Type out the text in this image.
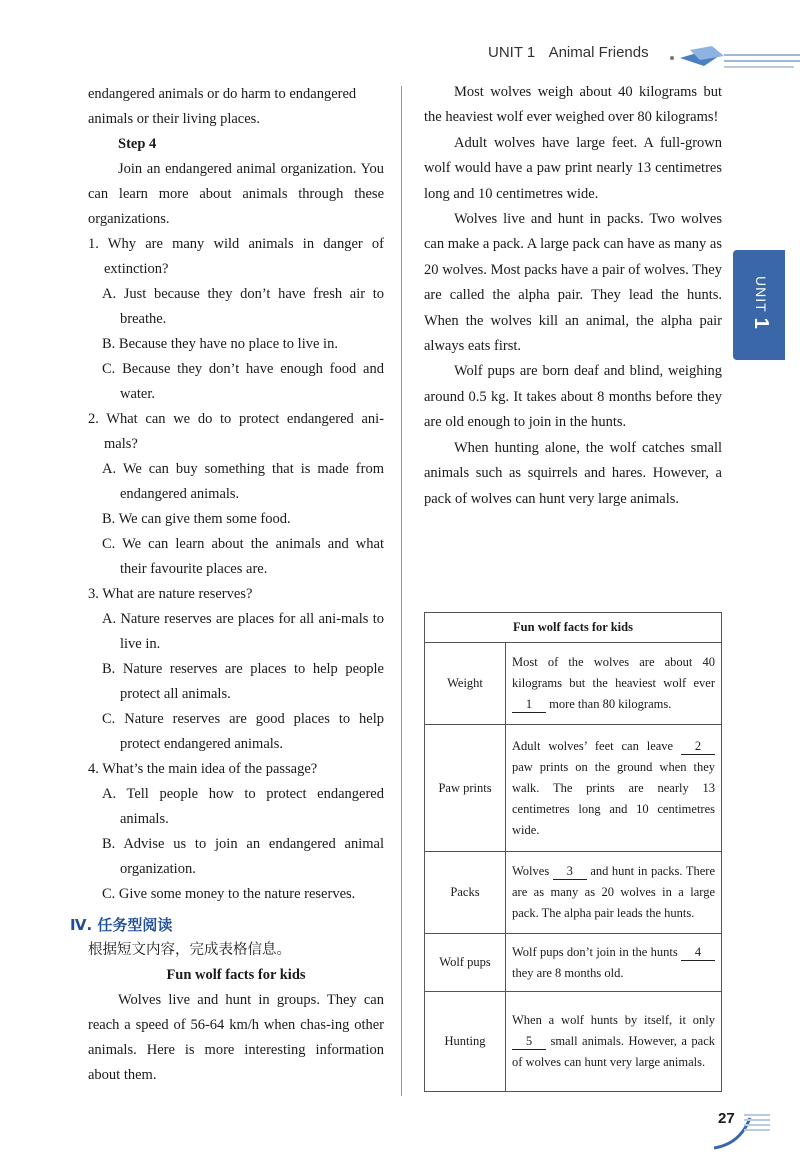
UNIT 1 Animal Friends
UNIT 1

endangered animals or do harm to endangered

animals or their living places.

Step 4

Join an endangered animal organization. You can learn more about animals through these organizations.

1. Why are many wild animals in danger of extinction?

A. Just because they don’t have fresh air to breathe.

B. Because they have no place to live in.

C. Because they don’t have enough food and water.

2. What can we do to protect endangered ani-mals?

A. We can buy something that is made from endangered animals.

B. We can give them some food.

C. We can learn about the animals and what their favourite places are.

3. What are nature reserves?

A. Nature reserves are places for all ani-mals to live in.

B. Nature reserves are places to help people protect all animals.

C. Nature reserves are good places to help protect endangered animals.

4. What’s the main idea of the passage?

A. Tell people how to protect endangered animals.

B. Advise us to join an endangered animal organization.

C. Give some money to the nature reserves.

Ⅳ. 任务型阅读

根据短文内容，完成表格信息。

Fun wolf facts for kids

Wolves live and hunt in groups. They can reach a speed of 56-64 km/h when chas-ing other animals. Here is more interesting information about them.

Most wolves weigh about 40 kilograms but the heaviest wolf ever weighed over 80 kilograms!

Adult wolves have large feet. A full-grown wolf would have a paw print nearly 13 centimetres long and 10 centimetres wide.

Wolves live and hunt in packs. Two wolves can make a pack. A large pack can have as many as 20 wolves. Most packs have a pair of wolves. They are called the alpha pair. They lead the hunts. When the wolves kill an animal, the alpha pair always eats first.

Wolf pups are born deaf and blind, weighing around 0.5 kg. It takes about 8 months before they are old enough to join in the hunts.

When hunting alone, the wolf catches small animals such as squirrels and hares. However, a pack of wolves can hunt very large animals.

Fun wolf facts for kids	
Weight	Most of the wolves are about 40 kilograms but the heaviest wolf ever 1 more than 80 kilograms.
Paw prints	Adult wolves’ feet can leave 2 paw prints on the ground when they walk. The prints are nearly 13 centimetres long and 10 centimetres wide.
Packs	Wolves 3 and hunt in packs. There are as many as 20 wolves in a large pack. The alpha pair leads the hunts.
Wolf pups	Wolf pups don’t join in the hunts 4 they are 8 months old.
Hunting	When a wolf hunts by itself, it only 5 small animals. However, a pack of wolves can hunt very large animals.
27
